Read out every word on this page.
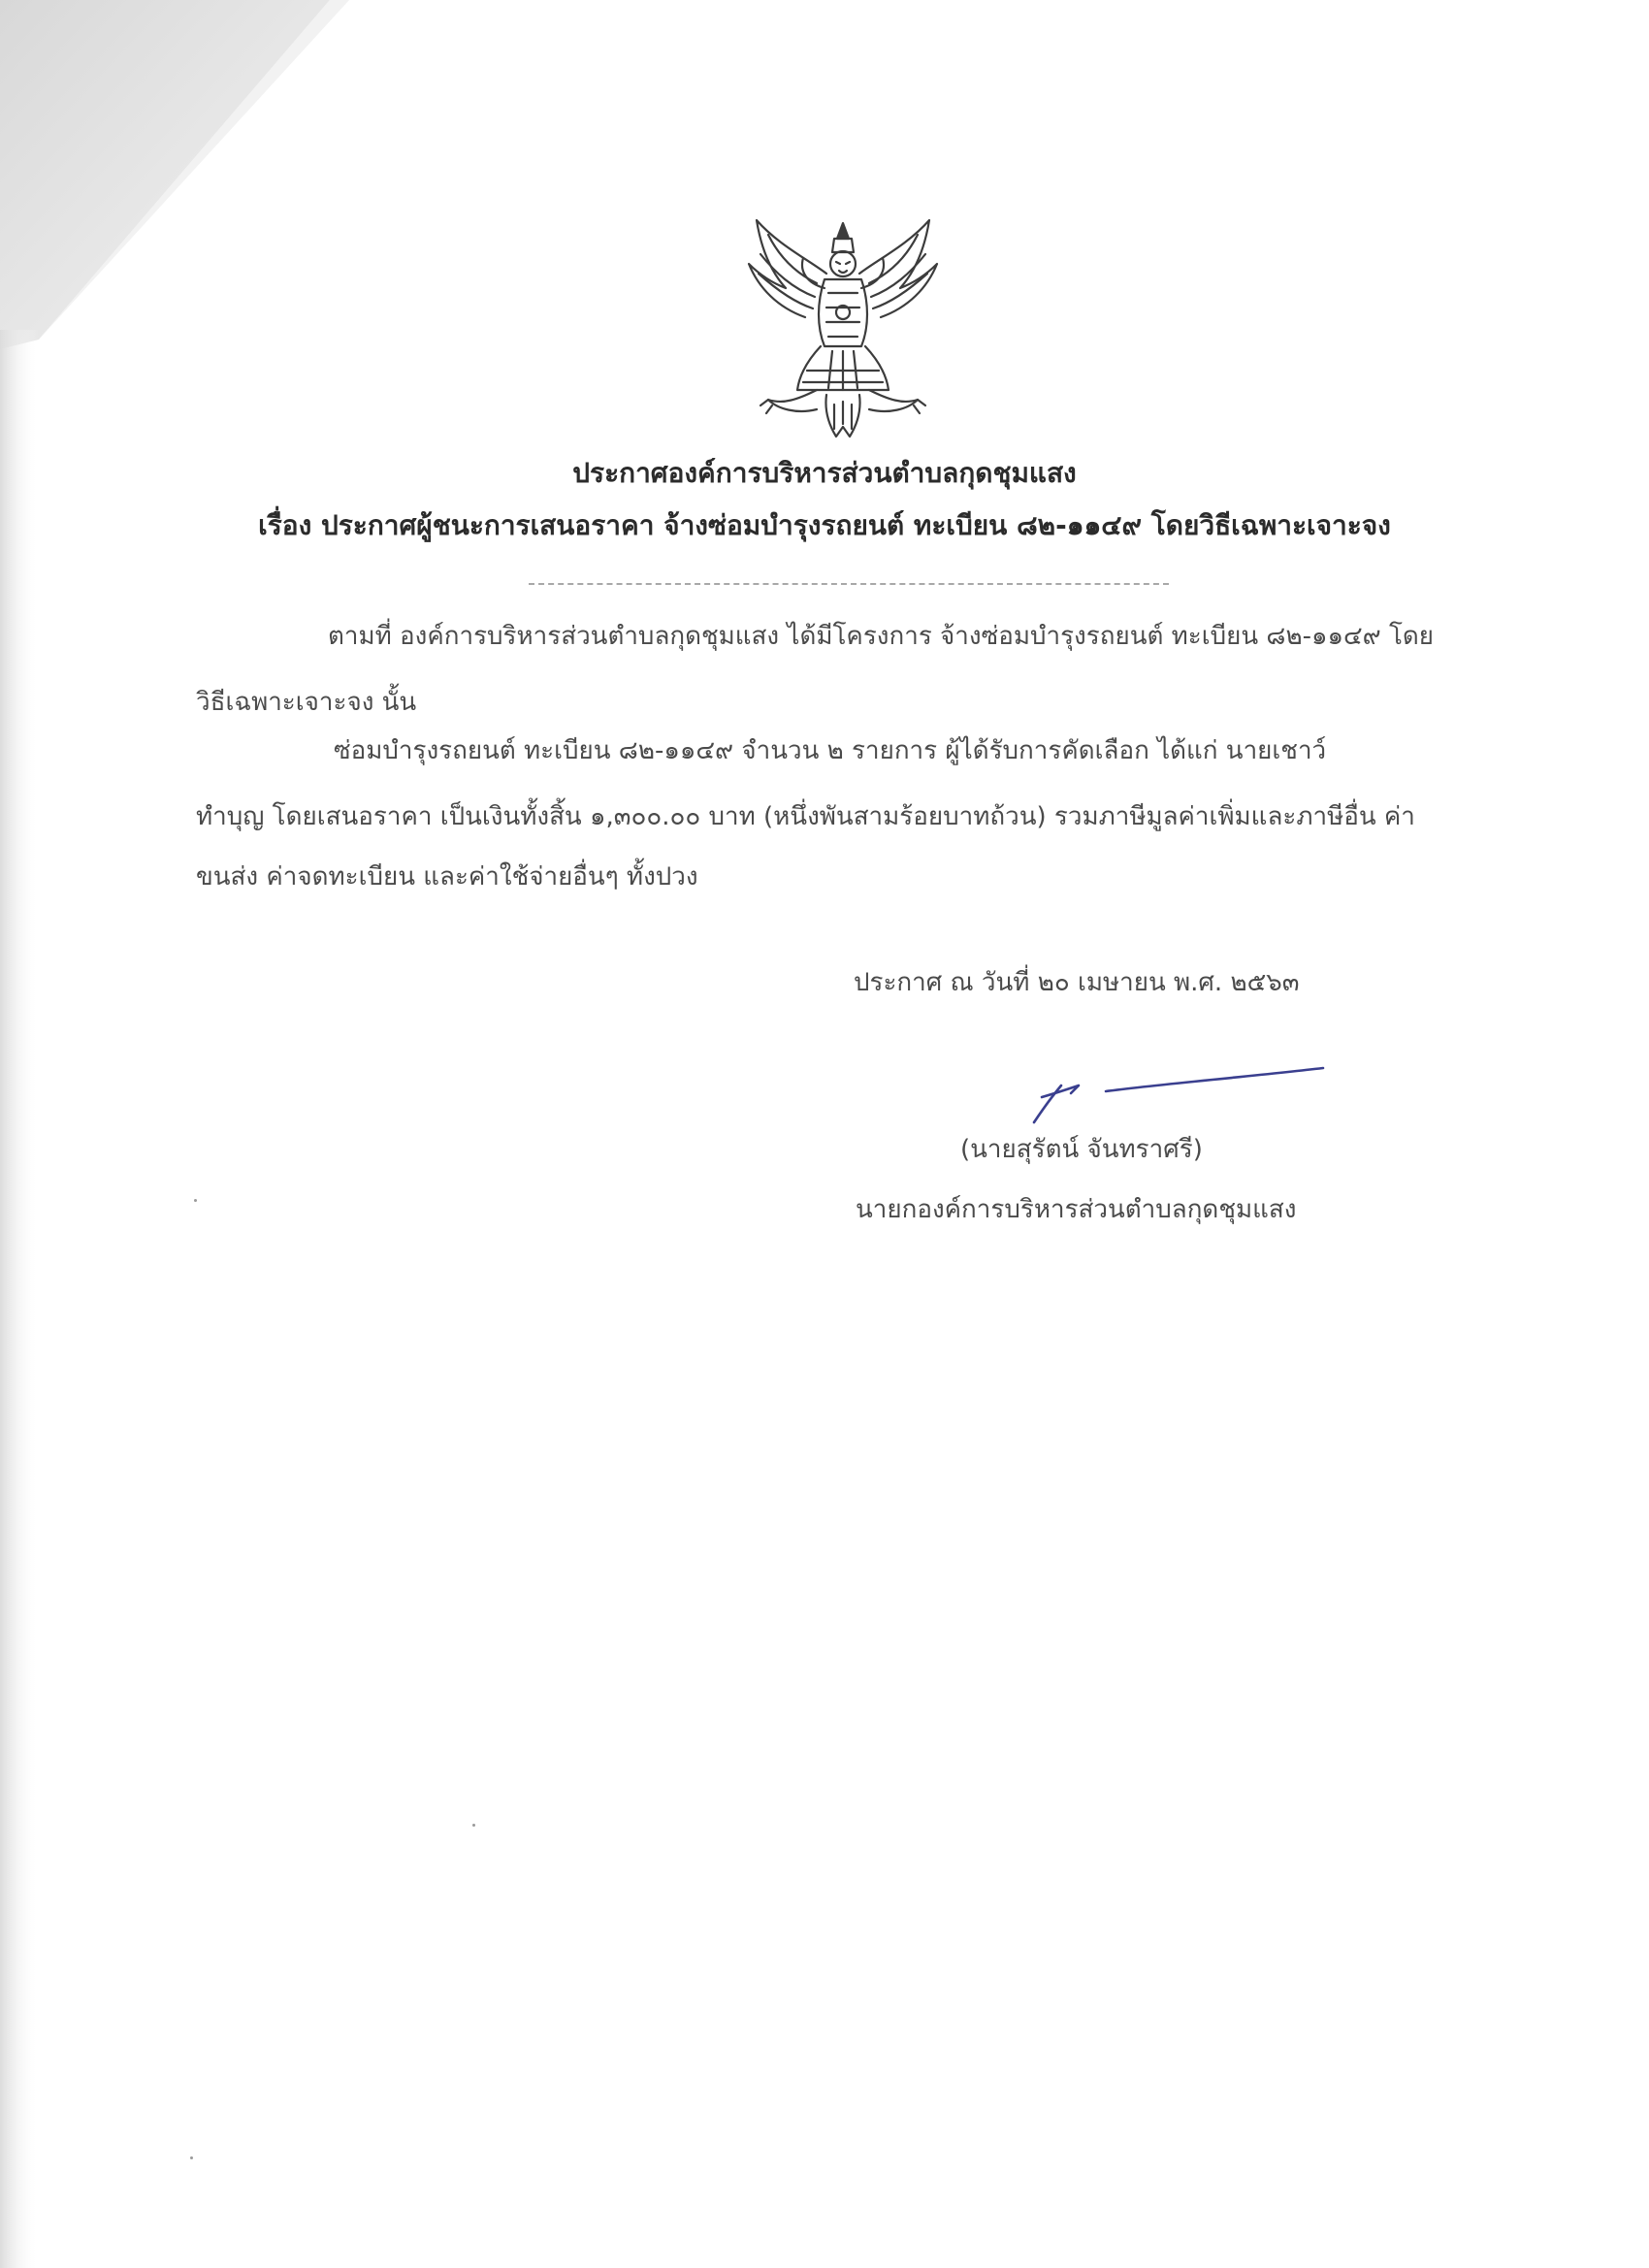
ประกาศองค์การบริหารส่วนตำบลกุดชุมแสง
เรื่อง ประกาศผู้ชนะการเสนอราคา จ้างซ่อมบำรุงรถยนต์ ทะเบียน ๘๒-๑๑๔๙ โดยวิธีเฉพาะเจาะจง
ตามที่ องค์การบริหารส่วนตำบลกุดชุมแสง ได้มีโครงการ จ้างซ่อมบำรุงรถยนต์ ทะเบียน ๘๒-๑๑๔๙ โดย
วิธีเฉพาะเจาะจง นั้น
ซ่อมบำรุงรถยนต์ ทะเบียน ๘๒-๑๑๔๙ จำนวน ๒ รายการ ผู้ได้รับการคัดเลือก ได้แก่ นายเชาว์
ทำบุญ โดยเสนอราคา เป็นเงินทั้งสิ้น ๑,๓๐๐.๐๐ บาท (หนึ่งพันสามร้อยบาทถ้วน) รวมภาษีมูลค่าเพิ่มและภาษีอื่น ค่า
ขนส่ง ค่าจดทะเบียน และค่าใช้จ่ายอื่นๆ ทั้งปวง
ประกาศ ณ วันที่ ๒๐ เมษายน พ.ศ. ๒๕๖๓
(นายสุรัตน์ จันทราศรี)
นายกองค์การบริหารส่วนตำบลกุดชุมแสง
